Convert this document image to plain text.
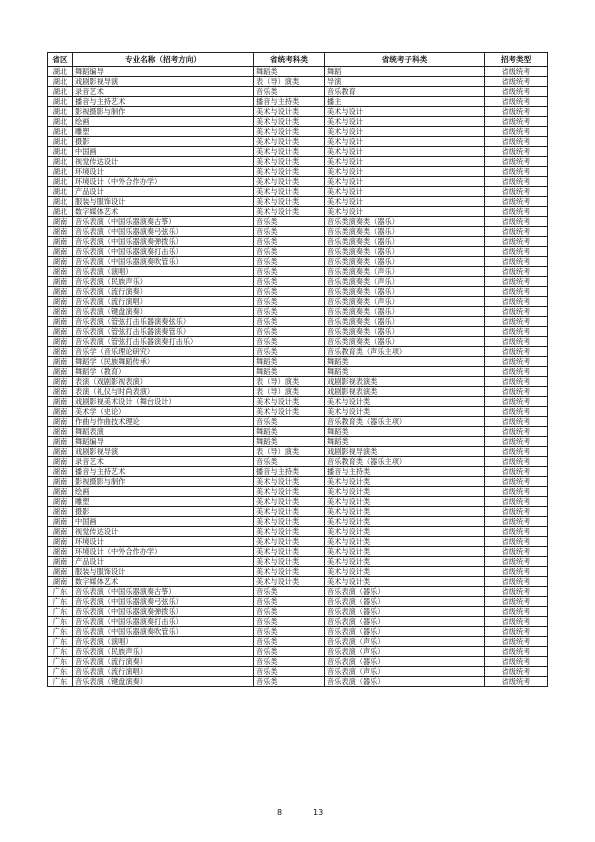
省区	专业名称（招考方向）	省统考科类	省统考子科类	招考类型
湖北	舞蹈编导	舞蹈类	舞蹈	省级统考
湖北	戏剧影视导演	表（导）演类	导演	省级统考
湖北	录音艺术	音乐类	音乐教育	省级统考
湖北	播音与主持艺术	播音与主持类	播主	省级统考
湖北	影视摄影与制作	美术与设计类	美术与设计	省级统考
湖北	绘画	美术与设计类	美术与设计	省级统考
湖北	雕塑	美术与设计类	美术与设计	省级统考
湖北	摄影	美术与设计类	美术与设计	省级统考
湖北	中国画	美术与设计类	美术与设计	省级统考
湖北	视觉传达设计	美术与设计类	美术与设计	省级统考
湖北	环境设计	美术与设计类	美术与设计	省级统考
湖北	环境设计（中外合作办学）	美术与设计类	美术与设计	省级统考
湖北	产品设计	美术与设计类	美术与设计	省级统考
湖北	服装与服饰设计	美术与设计类	美术与设计	省级统考
湖北	数字媒体艺术	美术与设计类	美术与设计	省级统考
湖南	音乐表演（中国乐器演奏古筝）	音乐类	音乐类演奏类（器乐）	省级统考
湖南	音乐表演（中国乐器演奏弓弦乐）	音乐类	音乐类演奏类（器乐）	省级统考
湖南	音乐表演（中国乐器演奏弹拨乐）	音乐类	音乐类演奏类（器乐）	省级统考
湖南	音乐表演（中国乐器演奏打击乐）	音乐类	音乐类演奏类（器乐）	省级统考
湖南	音乐表演（中国乐器演奏吹管乐）	音乐类	音乐类演奏类（器乐）	省级统考
湖南	音乐表演（演唱）	音乐类	音乐类演奏类（声乐）	省级统考
湖南	音乐表演（民族声乐）	音乐类	音乐类演奏类（声乐）	省级统考
湖南	音乐表演（流行演奏）	音乐类	音乐类演奏类（器乐）	省级统考
湖南	音乐表演（流行演唱）	音乐类	音乐类演奏类（声乐）	省级统考
湖南	音乐表演（键盘演奏）	音乐类	音乐类演奏类（器乐）	省级统考
湖南	音乐表演（管弦打击乐器演奏弦乐）	音乐类	音乐类演奏类（器乐）	省级统考
湖南	音乐表演（管弦打击乐器演奏管乐）	音乐类	音乐类演奏类（器乐）	省级统考
湖南	音乐表演（管弦打击乐器演奏打击乐）	音乐类	音乐类演奏类（器乐）	省级统考
湖南	音乐学（音乐理论研究）	音乐类	音乐教育类（声乐主项）	省级统考
湖南	舞蹈学（民族舞蹈传承）	舞蹈类	舞蹈类	省级统考
湖南	舞蹈学（教育）	舞蹈类	舞蹈类	省级统考
湖南	表演（戏剧影视表演）	表（导）演类	戏剧影视表演类	省级统考
湖南	表演（礼仪与时尚表演）	表（导）演类	戏剧影视表演类	省级统考
湖南	戏剧影视美术设计（舞台设计）	美术与设计类	美术与设计类	省级统考
湖南	美术学（史论）	美术与设计类	美术与设计类	省级统考
湖南	作曲与作曲技术理论	音乐类	音乐教育类（器乐主项）	省级统考
湖南	舞蹈表演	舞蹈类	舞蹈类	省级统考
湖南	舞蹈编导	舞蹈类	舞蹈类	省级统考
湖南	戏剧影视导演	表（导）演类	戏剧影视导演类	省级统考
湖南	录音艺术	音乐类	音乐教育类（器乐主项）	省级统考
湖南	播音与主持艺术	播音与主持类	播音与主持类	省级统考
湖南	影视摄影与制作	美术与设计类	美术与设计类	省级统考
湖南	绘画	美术与设计类	美术与设计类	省级统考
湖南	雕塑	美术与设计类	美术与设计类	省级统考
湖南	摄影	美术与设计类	美术与设计类	省级统考
湖南	中国画	美术与设计类	美术与设计类	省级统考
湖南	视觉传达设计	美术与设计类	美术与设计类	省级统考
湖南	环境设计	美术与设计类	美术与设计类	省级统考
湖南	环境设计（中外合作办学）	美术与设计类	美术与设计类	省级统考
湖南	产品设计	美术与设计类	美术与设计类	省级统考
湖南	服装与服饰设计	美术与设计类	美术与设计类	省级统考
湖南	数字媒体艺术	美术与设计类	美术与设计类	省级统考
广东	音乐表演（中国乐器演奏古筝）	音乐类	音乐表演（器乐）	省级统考
广东	音乐表演（中国乐器演奏弓弦乐）	音乐类	音乐表演（器乐）	省级统考
广东	音乐表演（中国乐器演奏弹拨乐）	音乐类	音乐表演（器乐）	省级统考
广东	音乐表演（中国乐器演奏打击乐）	音乐类	音乐表演（器乐）	省级统考
广东	音乐表演（中国乐器演奏吹管乐）	音乐类	音乐表演（器乐）	省级统考
广东	音乐表演（演唱）	音乐类	音乐表演（声乐）	省级统考
广东	音乐表演（民族声乐）	音乐类	音乐表演（声乐）	省级统考
广东	音乐表演（流行演奏）	音乐类	音乐表演（器乐）	省级统考
广东	音乐表演（流行演唱）	音乐类	音乐表演（声乐）	省级统考
广东	音乐表演（键盘演奏）	音乐类	音乐表演（器乐）	省级统考
8	13
